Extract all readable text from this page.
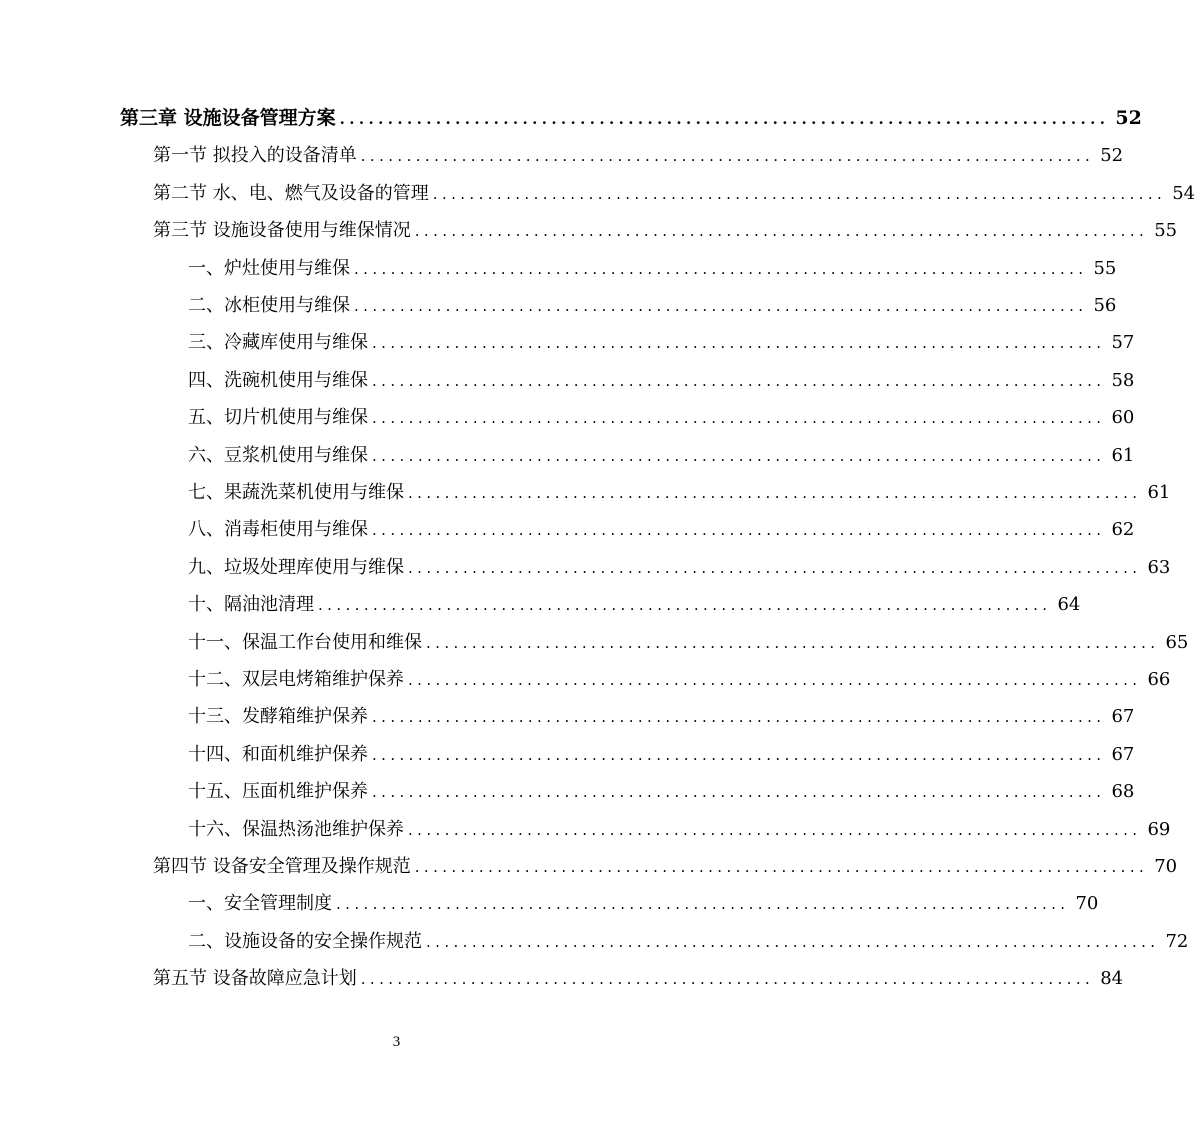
第三章 设施设备管理方案 ................................................................................ 52
第一节 拟投入的设备清单 ................................................................................ 52
第二节 水、电、燃气及设备的管理 ................................................................................ 54
第三节 设施设备使用与维保情况 ................................................................................ 55
一、炉灶使用与维保 ................................................................................ 55
二、冰柜使用与维保 ................................................................................ 56
三、冷藏库使用与维保 ................................................................................ 57
四、洗碗机使用与维保 ................................................................................ 58
五、切片机使用与维保 ................................................................................ 60
六、豆浆机使用与维保 ................................................................................ 61
七、果蔬洗菜机使用与维保 ................................................................................ 61
八、消毒柜使用与维保 ................................................................................ 62
九、垃圾处理库使用与维保 ................................................................................ 63
十、隔油池清理 ................................................................................ 64
十一、保温工作台使用和维保 ................................................................................ 65
十二、双层电烤箱维护保养 ................................................................................ 66
十三、发酵箱维护保养 ................................................................................ 67
十四、和面机维护保养 ................................................................................ 67
十五、压面机维护保养 ................................................................................ 68
十六、保温热汤池维护保养 ................................................................................ 69
第四节 设备安全管理及操作规范 ................................................................................ 70
一、安全管理制度 ................................................................................ 70
二、设施设备的安全操作规范 ................................................................................ 72
第五节 设备故障应急计划 ................................................................................ 84
3
